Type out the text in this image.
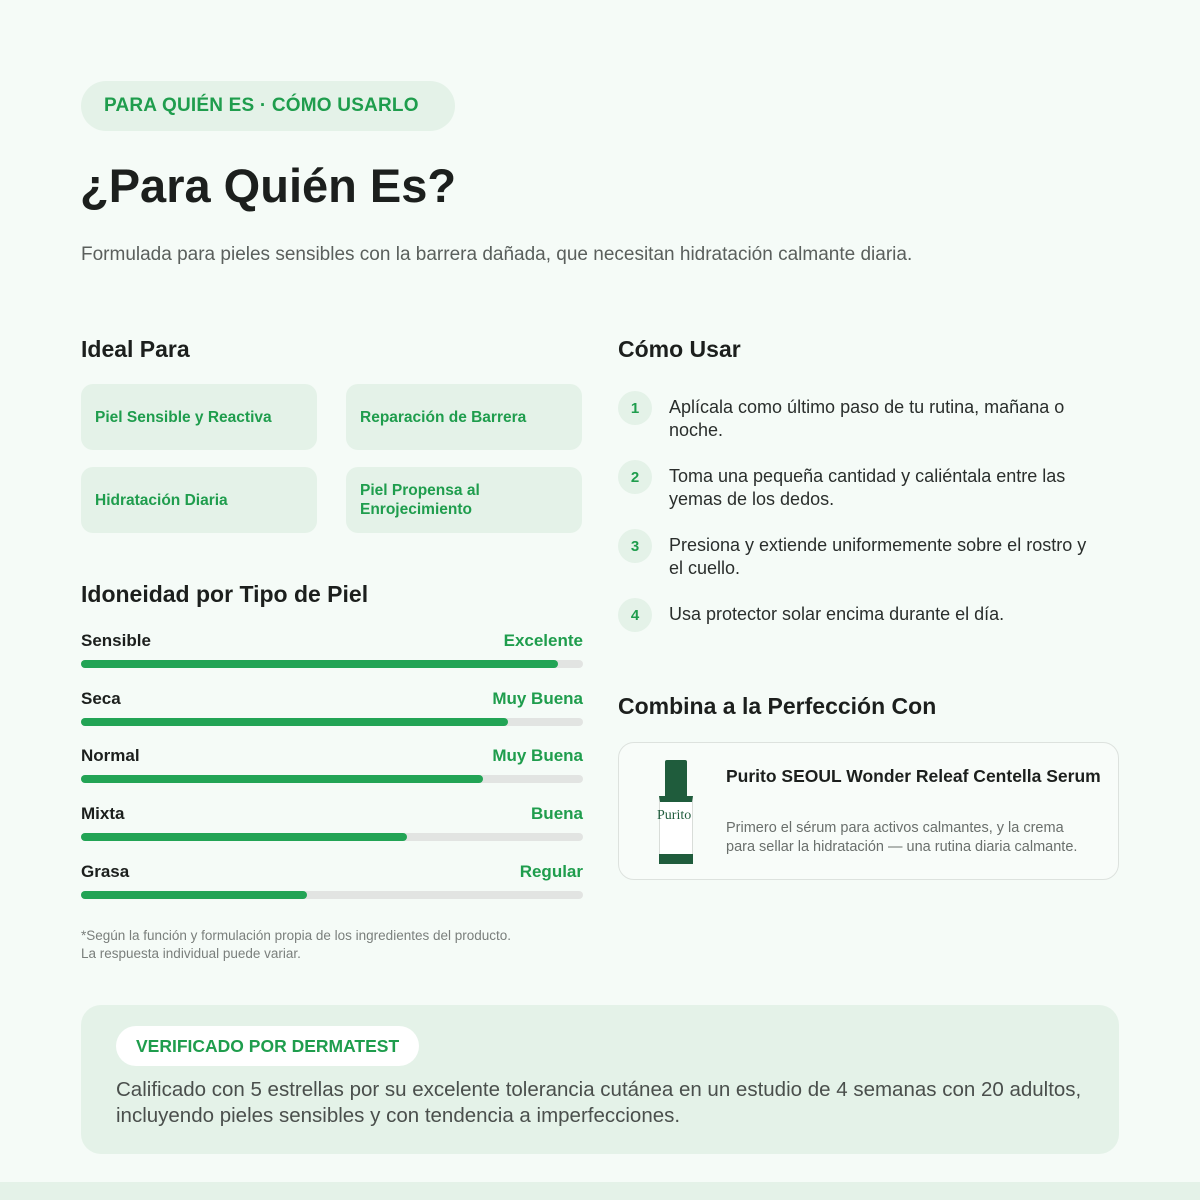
PARA QUIÉN ES · CÓMO USARLO
¿Para Quién Es?

Formulada para pieles sensibles con la barrera dañada, que necesitan hidratación calmante diaria.

Ideal Para
Piel Sensible y Reactiva	Reparación de Barrera
Hidratación Diaria
Piel Propensa al Enrojecimiento
Idoneidad por Tipo de Piel
Sensible	Excelente
Seca	Muy Buena
Normal	Muy Buena
Mixta	Buena
Grasa	Regular
*Según la función y formulación propia de los ingredientes del producto.
La respuesta individual puede variar.
Cómo Usar
1	Aplícala como último paso de tu rutina, mañana o noche.
2	Toma una pequeña cantidad y caliéntala entre las yemas de los dedos.
3	Presiona y extiende uniformemente sobre el rostro y el cuello.
4	Usa protector solar encima durante el día.
Combina a la Perfección Con
Purito
Purito SEOUL Wonder Releaf Centella Serum
Primero el sérum para activos calmantes, y la crema para sellar la hidratación — una rutina diaria calmante.
VERIFICADO POR DERMATEST

Calificado con 5 estrellas por su excelente tolerancia cutánea en un estudio de 4 semanas con 20 adultos, incluyendo pieles sensibles y con tendencia a imperfecciones.
